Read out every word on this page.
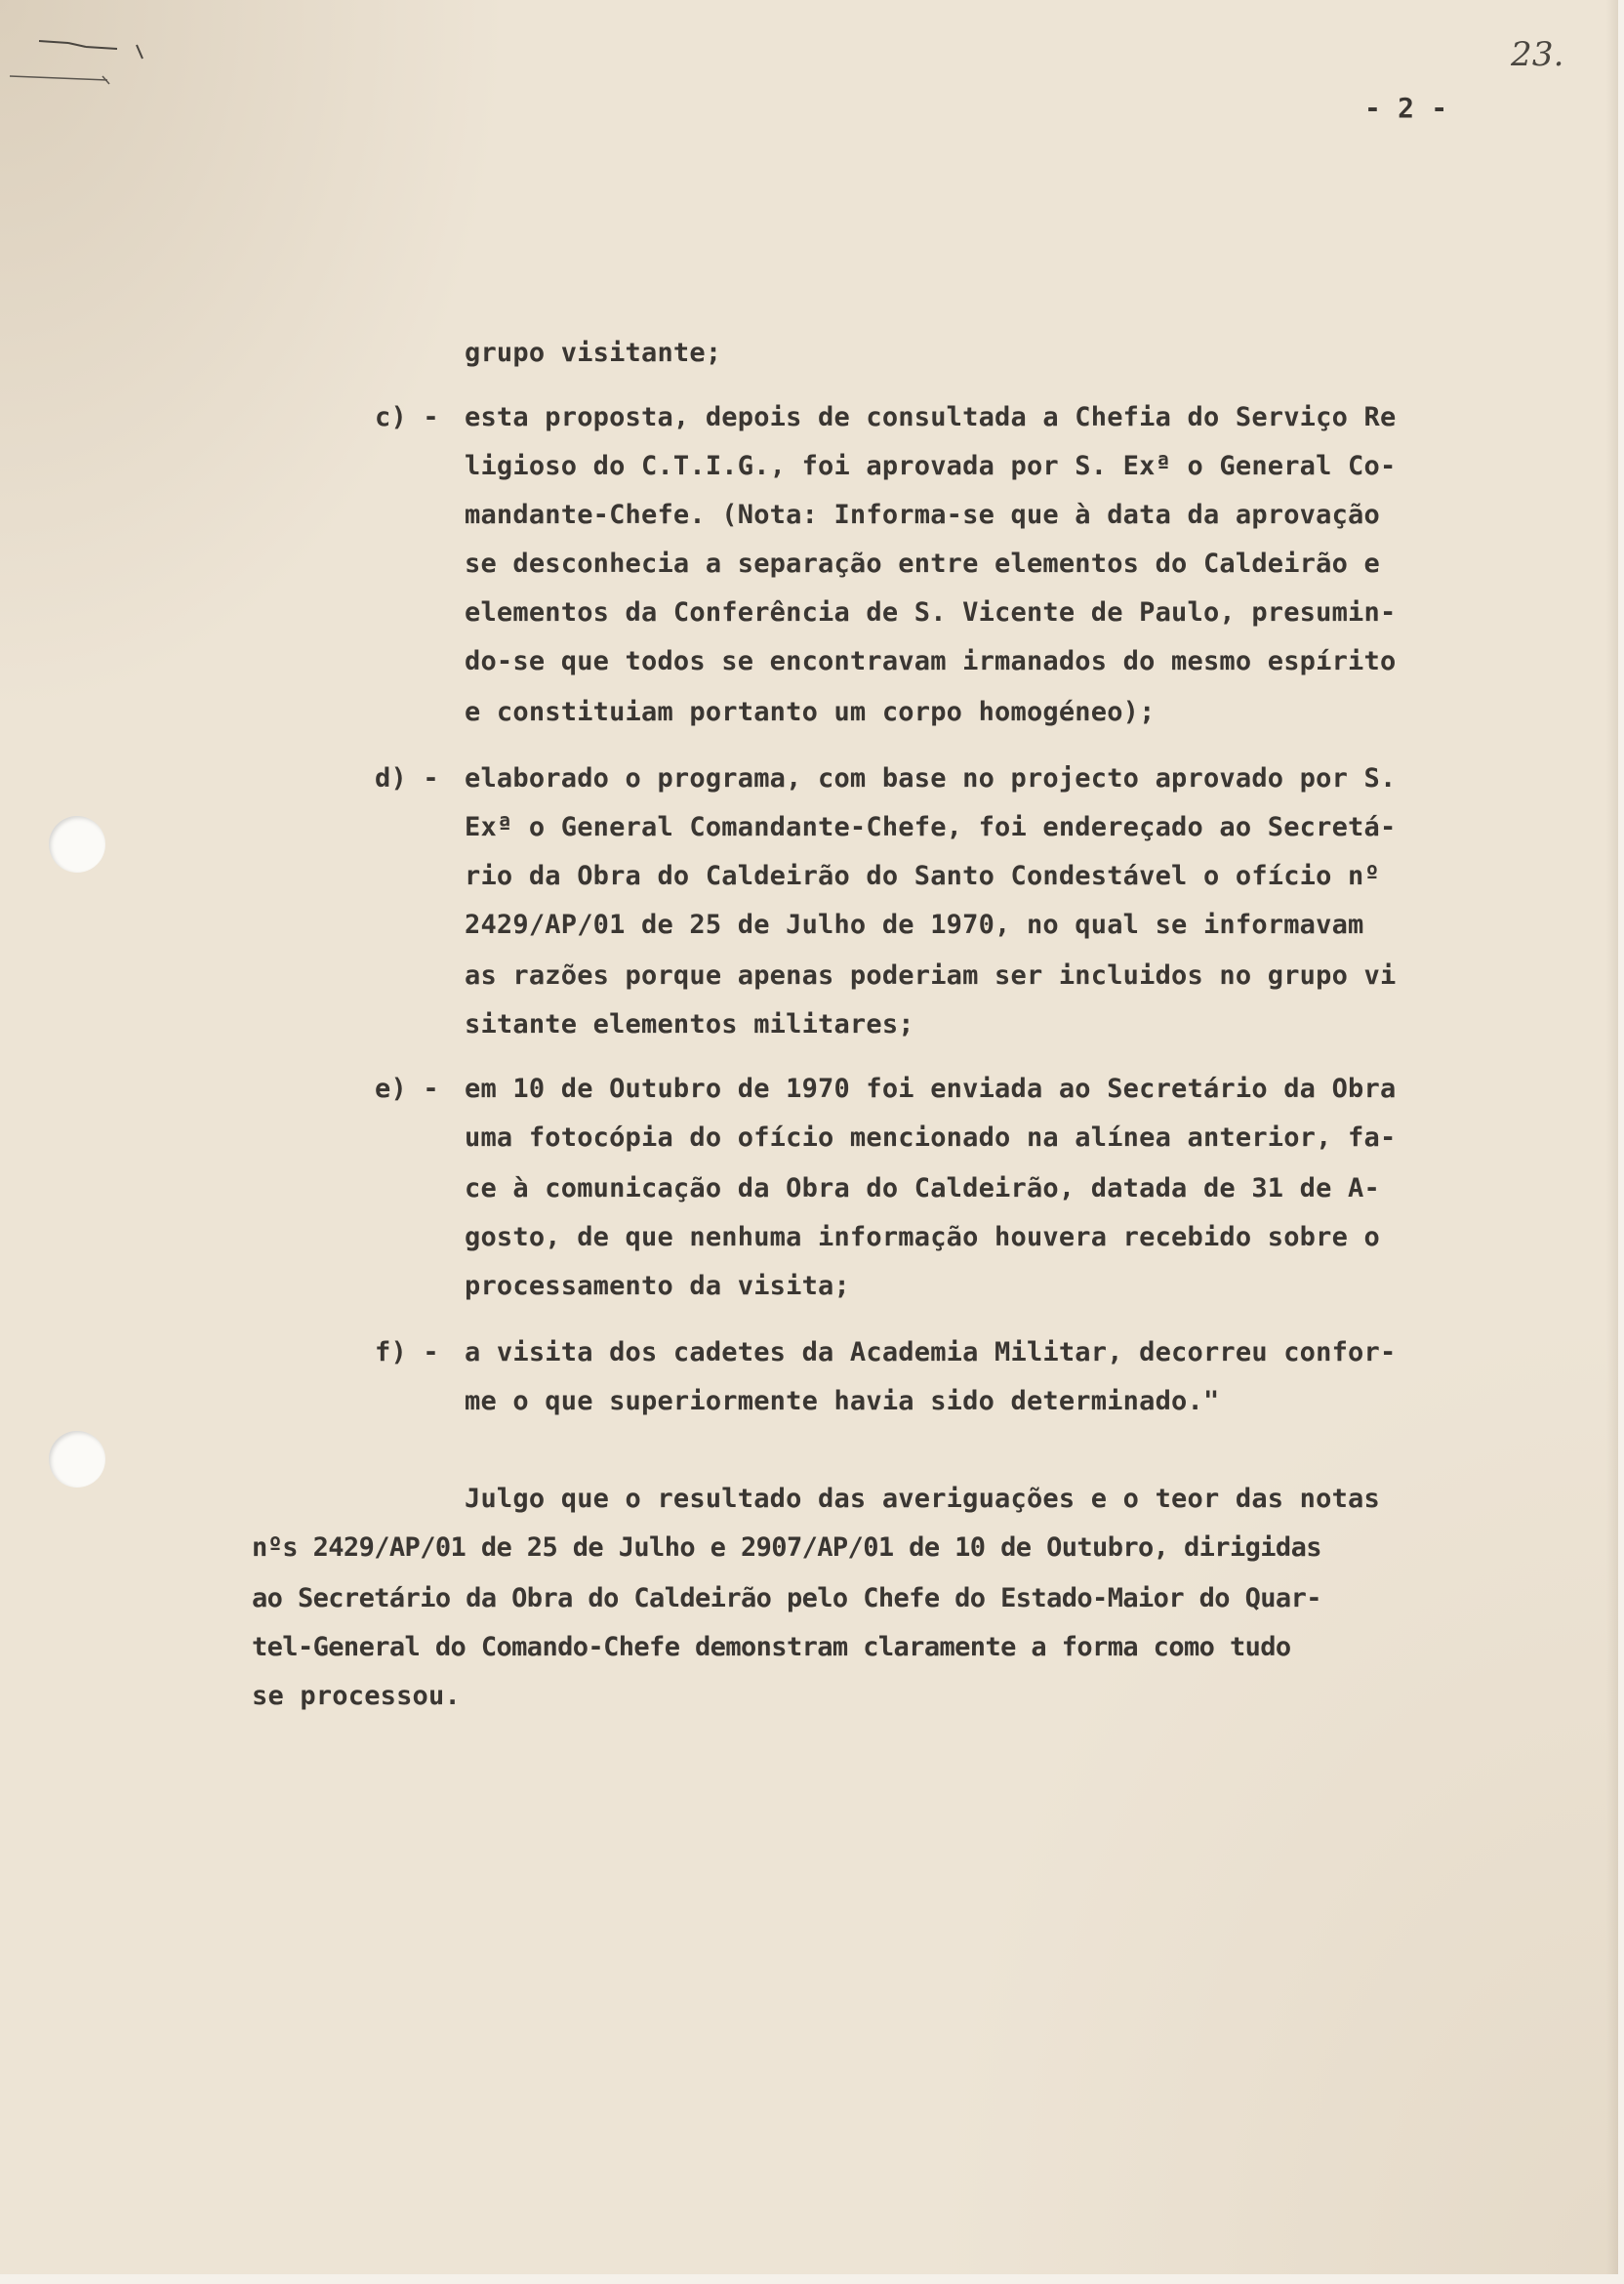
23.
- 2 -
grupo visitante;
c) - esta proposta, depois de consultada a Chefia do Serviço Re
ligioso do C.T.I.G., foi aprovada por S. Exª o General Co-
mandante-Chefe. (Nota: Informa-se que à data da aprovação
se desconhecia a separação entre elementos do Caldeirão e
elementos da Conferência de S. Vicente de Paulo, presumin-
do-se que todos se encontravam irmanados do mesmo espírito
e constituiam portanto um corpo homogéneo);
d) - elaborado o programa, com base no projecto aprovado por S.
Exª o General Comandante-Chefe, foi endereçado ao Secretá-
rio da Obra do Caldeirão do Santo Condestável o ofício nº
2429/AP/01 de 25 de Julho de 1970, no qual se informavam
as razões porque apenas poderiam ser incluidos no grupo vi
sitante elementos militares;
e) - em 10 de Outubro de 1970 foi enviada ao Secretário da Obra
uma fotocópia do ofício mencionado na alínea anterior, fa-
ce à comunicação da Obra do Caldeirão, datada de 31 de A-
gosto, de que nenhuma informação houvera recebido sobre o
processamento da visita;
f) - a visita dos cadetes da Academia Militar, decorreu confor-
me o que superiormente havia sido determinado."
Julgo que o resultado das averiguações e o teor das notas
nºs 2429/AP/01 de 25 de Julho e 2907/AP/01 de 10 de Outubro, dirigidas
ao Secretário da Obra do Caldeirão pelo Chefe do Estado-Maior do Quar-
tel-General do Comando-Chefe demonstram claramente a forma como tudo
se processou.
